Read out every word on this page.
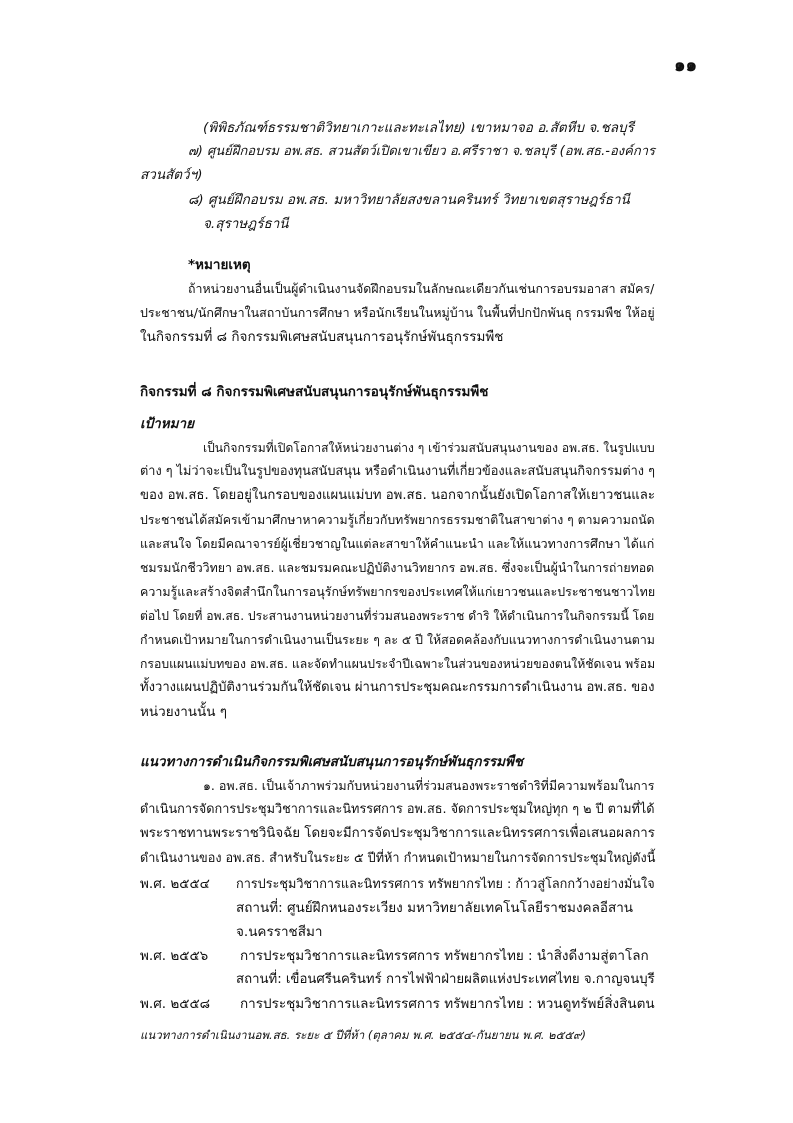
๑๑
(พิพิธภัณฑ์ธรรมชาติวิทยาเกาะและทะเลไทย) เขาหมาจอ อ.สัตหีบ จ.ชลบุรี
๗) ศูนย์ฝึกอบรม อพ.สธ. สวนสัตว์เปิดเขาเขียว อ.ศรีราชา จ.ชลบุรี (อพ.สธ.-องค์การ
สวนสัตว์ฯ)
๘) ศูนย์ฝึกอบรม อพ.สธ. มหาวิทยาลัยสงขลานครินทร์ วิทยาเขตสุราษฎร์ธานี
จ.สุราษฎร์ธานี
*หมายเหตุ
ถ้าหน่วยงานอื่นเป็นผู้ดำเนินงานจัดฝึกอบรมในลักษณะเดียวกันเช่นการอบรมอาสา สมัคร/
ประชาชน/นักศึกษาในสถาบันการศึกษา หรือนักเรียนในหมู่บ้าน ในพื้นที่ปกปักพันธุ กรรมพืช ให้อยู่
ในกิจกรรมที่ ๘ กิจกรรมพิเศษสนับสนุนการอนุรักษ์พันธุกรรมพืช
กิจกรรมที่ ๘ กิจกรรมพิเศษสนับสนุนการอนุรักษ์พันธุกรรมพืช
เป้าหมาย
เป็นกิจกรรมที่เปิดโอกาสให้หน่วยงานต่าง ๆ เข้าร่วมสนับสนุนงานของ อพ.สธ. ในรูปแบบ
ต่าง ๆ ไม่ว่าจะเป็นในรูปของทุนสนับสนุน หรือดำเนินงานที่เกี่ยวข้องและสนับสนุนกิจกรรมต่าง ๆ
ของ อพ.สธ. โดยอยู่ในกรอบของแผนแม่บท อพ.สธ. นอกจากนั้นยังเปิดโอกาสให้เยาวชนและ
ประชาชนได้สมัครเข้ามาศึกษาหาความรู้เกี่ยวกับทรัพยากรธรรมชาติในสาขาต่าง ๆ ตามความถนัด
และสนใจ โดยมีคณาจารย์ผู้เชี่ยวชาญในแต่ละสาขาให้คำแนะนำ และให้แนวทางการศึกษา ได้แก่
ชมรมนักชีววิทยา อพ.สธ. และชมรมคณะปฏิบัติงานวิทยากร อพ.สธ. ซึ่งจะเป็นผู้นำในการถ่ายทอด
ความรู้และสร้างจิตสำนึกในการอนุรักษ์ทรัพยากรของประเทศให้แก่เยาวชนและประชาชนชาวไทย
ต่อไป โดยที่ อพ.สธ. ประสานงานหน่วยงานที่ร่วมสนองพระราช ดำริ ให้ดำเนินการในกิจกรรมนี้ โดย
กำหนดเป้าหมายในการดำเนินงานเป็นระยะ ๆ ละ ๕ ปี ให้สอดคล้องกับแนวทางการดำเนินงานตาม
กรอบแผนแม่บทของ อพ.สธ. และจัดทำแผนประจำปีเฉพาะในส่วนของหน่วยของตนให้ชัดเจน พร้อม
ทั้งวางแผนปฏิบัติงานร่วมกันให้ชัดเจน ผ่านการประชุมคณะกรรมการดำเนินงาน อพ.สธ. ของ
หน่วยงานนั้น ๆ
แนวทางการดำเนินกิจกรรมพิเศษสนับสนุนการอนุรักษ์พันธุกรรมพืช
๑. อพ.สธ. เป็นเจ้าภาพร่วมกับหน่วยงานที่ร่วมสนองพระราชดำริที่มีความพร้อมในการ
ดำเนินการจัดการประชุมวิชาการและนิทรรศการ อพ.สธ. จัดการประชุมใหญ่ทุก ๆ ๒ ปี ตามที่ได้
พระราชทานพระราชวินิจฉัย โดยจะมีการจัดประชุมวิชาการและนิทรรศการเพื่อเสนอผลการ
ดำเนินงานของ อพ.สธ. สำหรับในระยะ ๕ ปีที่ห้า กำหนดเป้าหมายในการจัดการประชุมใหญ่ดังนี้
พ.ศ. ๒๕๕๔ การประชุมวิชาการและนิทรรศการ ทรัพยากรไทย : ก้าวสู่โลกกว้างอย่างมั่นใจ
สถานที่: ศูนย์ฝึกหนองระเวียง มหาวิทยาลัยเทคโนโลยีราชมงคลอีสาน
จ.นครราชสีมา
พ.ศ. ๒๕๕๖ การประชุมวิชาการและนิทรรศการ ทรัพยากรไทย : นำสิ่งดีงามสู่ตาโลก
สถานที่: เขื่อนศรีนครินทร์ การไฟฟ้าฝ่ายผลิตแห่งประเทศไทย จ.กาญจนบุรี
พ.ศ. ๒๕๕๘ การประชุมวิชาการและนิทรรศการ ทรัพยากรไทย : หวนดูทรัพย์สิ่งสินตน
แนวทางการดำเนินงานอพ.สธ. ระยะ ๕ ปีที่ห้า (ตุลาคม พ.ศ. ๒๕๕๔-กันยายน พ.ศ. ๒๕๕๙)
